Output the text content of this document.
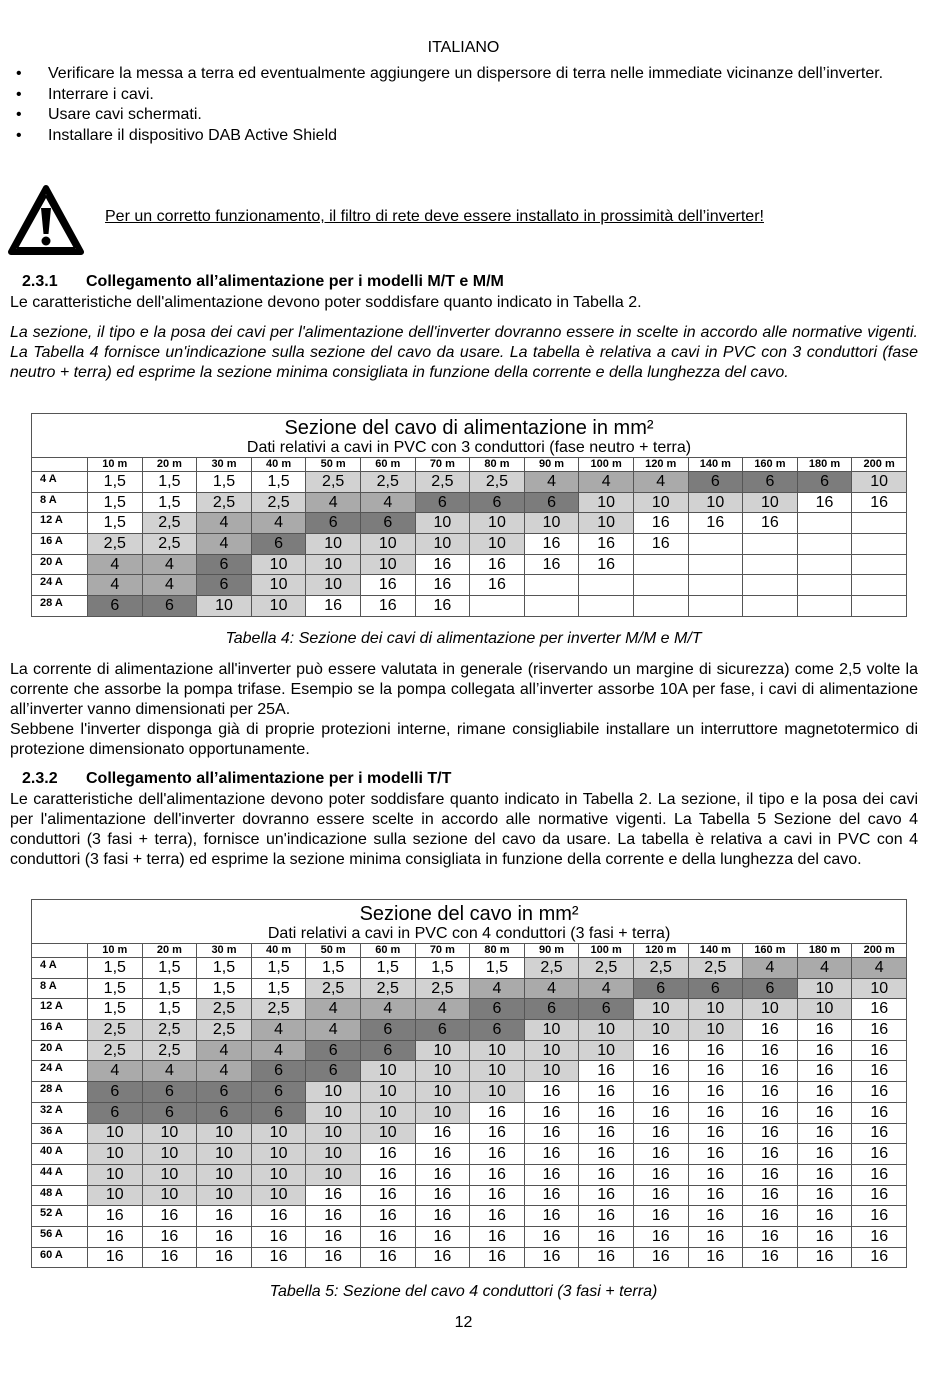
ITALIANO
• Verificare la messa a terra ed eventualmente aggiungere un dispersore di terra nelle immediate vicinanze dell’inverter.
• Interrare i cavi.
• Usare cavi schermati.
• Installare il dispositivo DAB Active Shield
Per un corretto funzionamento, il filtro di rete deve essere installato in prossimità dell’inverter!
2.3.1 Collegamento all’alimentazione per i modelli M/T e M/M
Le caratteristiche dell'alimentazione devono poter soddisfare quanto indicato in Tabella 2.
La sezione, il tipo e la posa dei cavi per l'alimentazione dell'inverter dovranno essere in scelte in accordo alle normative vigenti. La Tabella 4 fornisce un'indicazione sulla sezione del cavo da usare. La tabella è relativa a cavi in PVC con 3 conduttori (fase neutro + terra) ed esprime la sezione minima consigliata in funzione della corrente e della lunghezza del cavo.
Sezione del cavo di alimentazione in mm²															
Dati relativi a cavi in PVC con 3 conduttori (fase neutro + terra)															
	10 m	20 m	30 m	40 m	50 m	60 m	70 m	80 m	90 m	100 m	120 m	140 m	160 m	180 m	200 m
4 A	1,5	1,5	1,5	1,5	2,5	2,5	2,5	2,5	4	4	4	6	6	6	10
8 A	1,5	1,5	2,5	2,5	4	4	6	6	6	10	10	10	10	16	16
12 A	1,5	2,5	4	4	6	6	10	10	10	10	16	16	16		
16 A	2,5	2,5	4	6	10	10	10	10	16	16	16				
20 A	4	4	6	10	10	10	16	16	16	16					
24 A	4	4	6	10	10	16	16	16							
28 A	6	6	10	10	16	16	16								
Tabella 4: Sezione dei cavi di alimentazione per inverter M/M e M/T
La corrente di alimentazione all'inverter può essere valutata in generale (riservando un margine di sicurezza) come 2,5 volte la corrente che assorbe la pompa trifase. Esempio se la pompa collegata all’inverter assorbe 10A per fase, i cavi di alimentazione all’inverter vanno dimensionati per 25A.
Sebbene l'inverter disponga già di proprie protezioni interne, rimane consigliabile installare un interruttore magnetotermico di protezione dimensionato opportunamente.
2.3.2 Collegamento all’alimentazione per i modelli T/T
Le caratteristiche dell'alimentazione devono poter soddisfare quanto indicato in Tabella 2. La sezione, il tipo e la posa dei cavi per l'alimentazione dell'inverter dovranno essere scelte in accordo alle normative vigenti. La Tabella 5 Sezione del cavo 4 conduttori (3 fasi + terra), fornisce un'indicazione sulla sezione del cavo da usare. La tabella è relativa a cavi in PVC con 4 conduttori (3 fasi + terra) ed esprime la sezione minima consigliata in funzione della corrente e della lunghezza del cavo.
Sezione del cavo in mm²															
Dati relativi a cavi in PVC con 4 conduttori (3 fasi + terra)															
	10 m	20 m	30 m	40 m	50 m	60 m	70 m	80 m	90 m	100 m	120 m	140 m	160 m	180 m	200 m
4 A	1,5	1,5	1,5	1,5	1,5	1,5	1,5	1,5	2,5	2,5	2,5	2,5	4	4	4
8 A	1,5	1,5	1,5	1,5	2,5	2,5	2,5	4	4	4	6	6	6	10	10
12 A	1,5	1,5	2,5	2,5	4	4	4	6	6	6	10	10	10	10	16
16 A	2,5	2,5	2,5	4	4	6	6	6	10	10	10	10	16	16	16
20 A	2,5	2,5	4	4	6	6	10	10	10	10	16	16	16	16	16
24 A	4	4	4	6	6	10	10	10	10	16	16	16	16	16	16
28 A	6	6	6	6	10	10	10	10	16	16	16	16	16	16	16
32 A	6	6	6	6	10	10	10	16	16	16	16	16	16	16	16
36 A	10	10	10	10	10	10	16	16	16	16	16	16	16	16	16
40 A	10	10	10	10	10	16	16	16	16	16	16	16	16	16	16
44 A	10	10	10	10	10	16	16	16	16	16	16	16	16	16	16
48 A	10	10	10	10	16	16	16	16	16	16	16	16	16	16	16
52 A	16	16	16	16	16	16	16	16	16	16	16	16	16	16	16
56 A	16	16	16	16	16	16	16	16	16	16	16	16	16	16	16
60 A	16	16	16	16	16	16	16	16	16	16	16	16	16	16	16
Tabella 5: Sezione del cavo 4 conduttori (3 fasi + terra)
12
